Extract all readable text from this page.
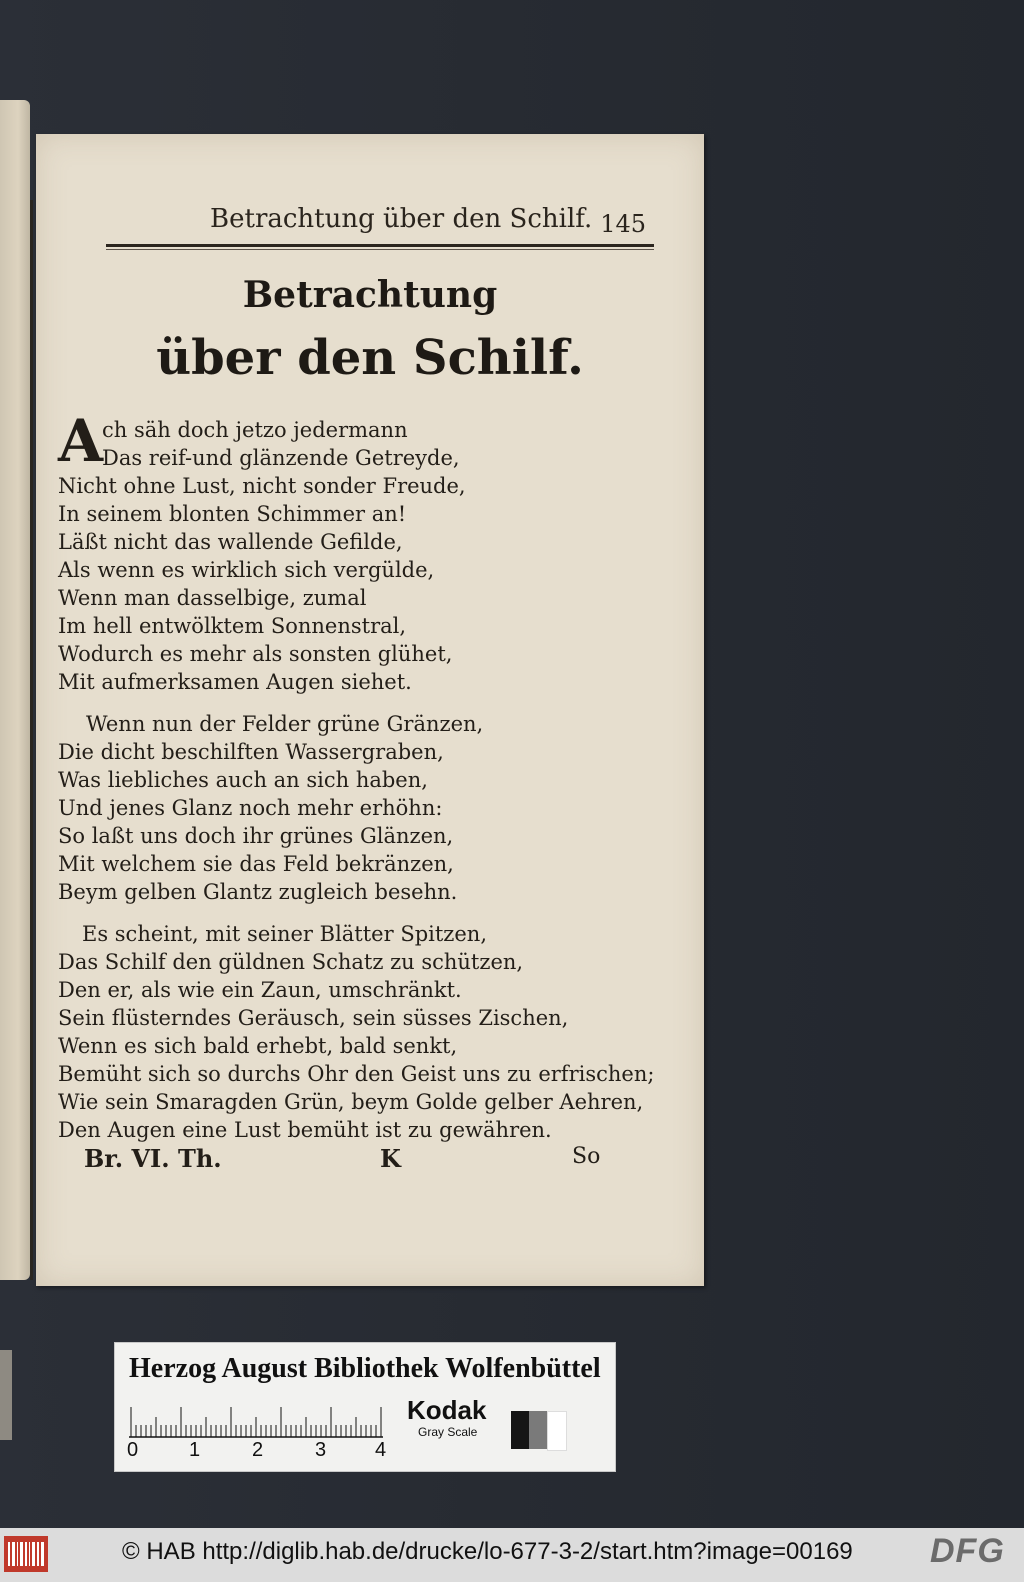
Betrachtung über den Schilf. 145
Betrachtung
über den Schilf.
A
ch säh doch jetzo jedermann
Das reif-und glänzende Getreyde,
Nicht ohne Lust, nicht sonder Freude,
In seinem blonten Schimmer an!
Läßt nicht das wallende Gefilde,
Als wenn es wirklich sich vergülde,
Wenn man dasselbige, zumal
Im hell entwölktem Sonnenstral,
Wodurch es mehr als sonsten glühet,
Mit aufmerksamen Augen siehet.
Wenn nun der Felder grüne Gränzen,
Die dicht beschilften Wassergraben,
Was liebliches auch an sich haben,
Und jenes Glanz noch mehr erhöhn:
So laßt uns doch ihr grünes Glänzen,
Mit welchem sie das Feld bekränzen,
Beym gelben Glantz zugleich besehn.
Es scheint, mit seiner Blätter Spitzen,
Das Schilf den güldnen Schatz zu schützen,
Den er, als wie ein Zaun, umschränkt.
Sein flüsterndes Geräusch, sein süsses Zischen,
Wenn es sich bald erhebt, bald senkt,
Bemüht sich so durchs Ohr den Geist uns zu erfrischen;
Wie sein Smaragden Grün, beym Golde gelber Aehren,
Den Augen eine Lust bemüht ist zu gewähren.
Br. VI. Th.	K	So
Herzog August Bibliothek Wolfenbüttel
0	1	2	3 4
Kodak
Gray Scale
© HAB http://diglib.hab.de/drucke/lo-677-3-2/start.htm?image=00169 DFG
